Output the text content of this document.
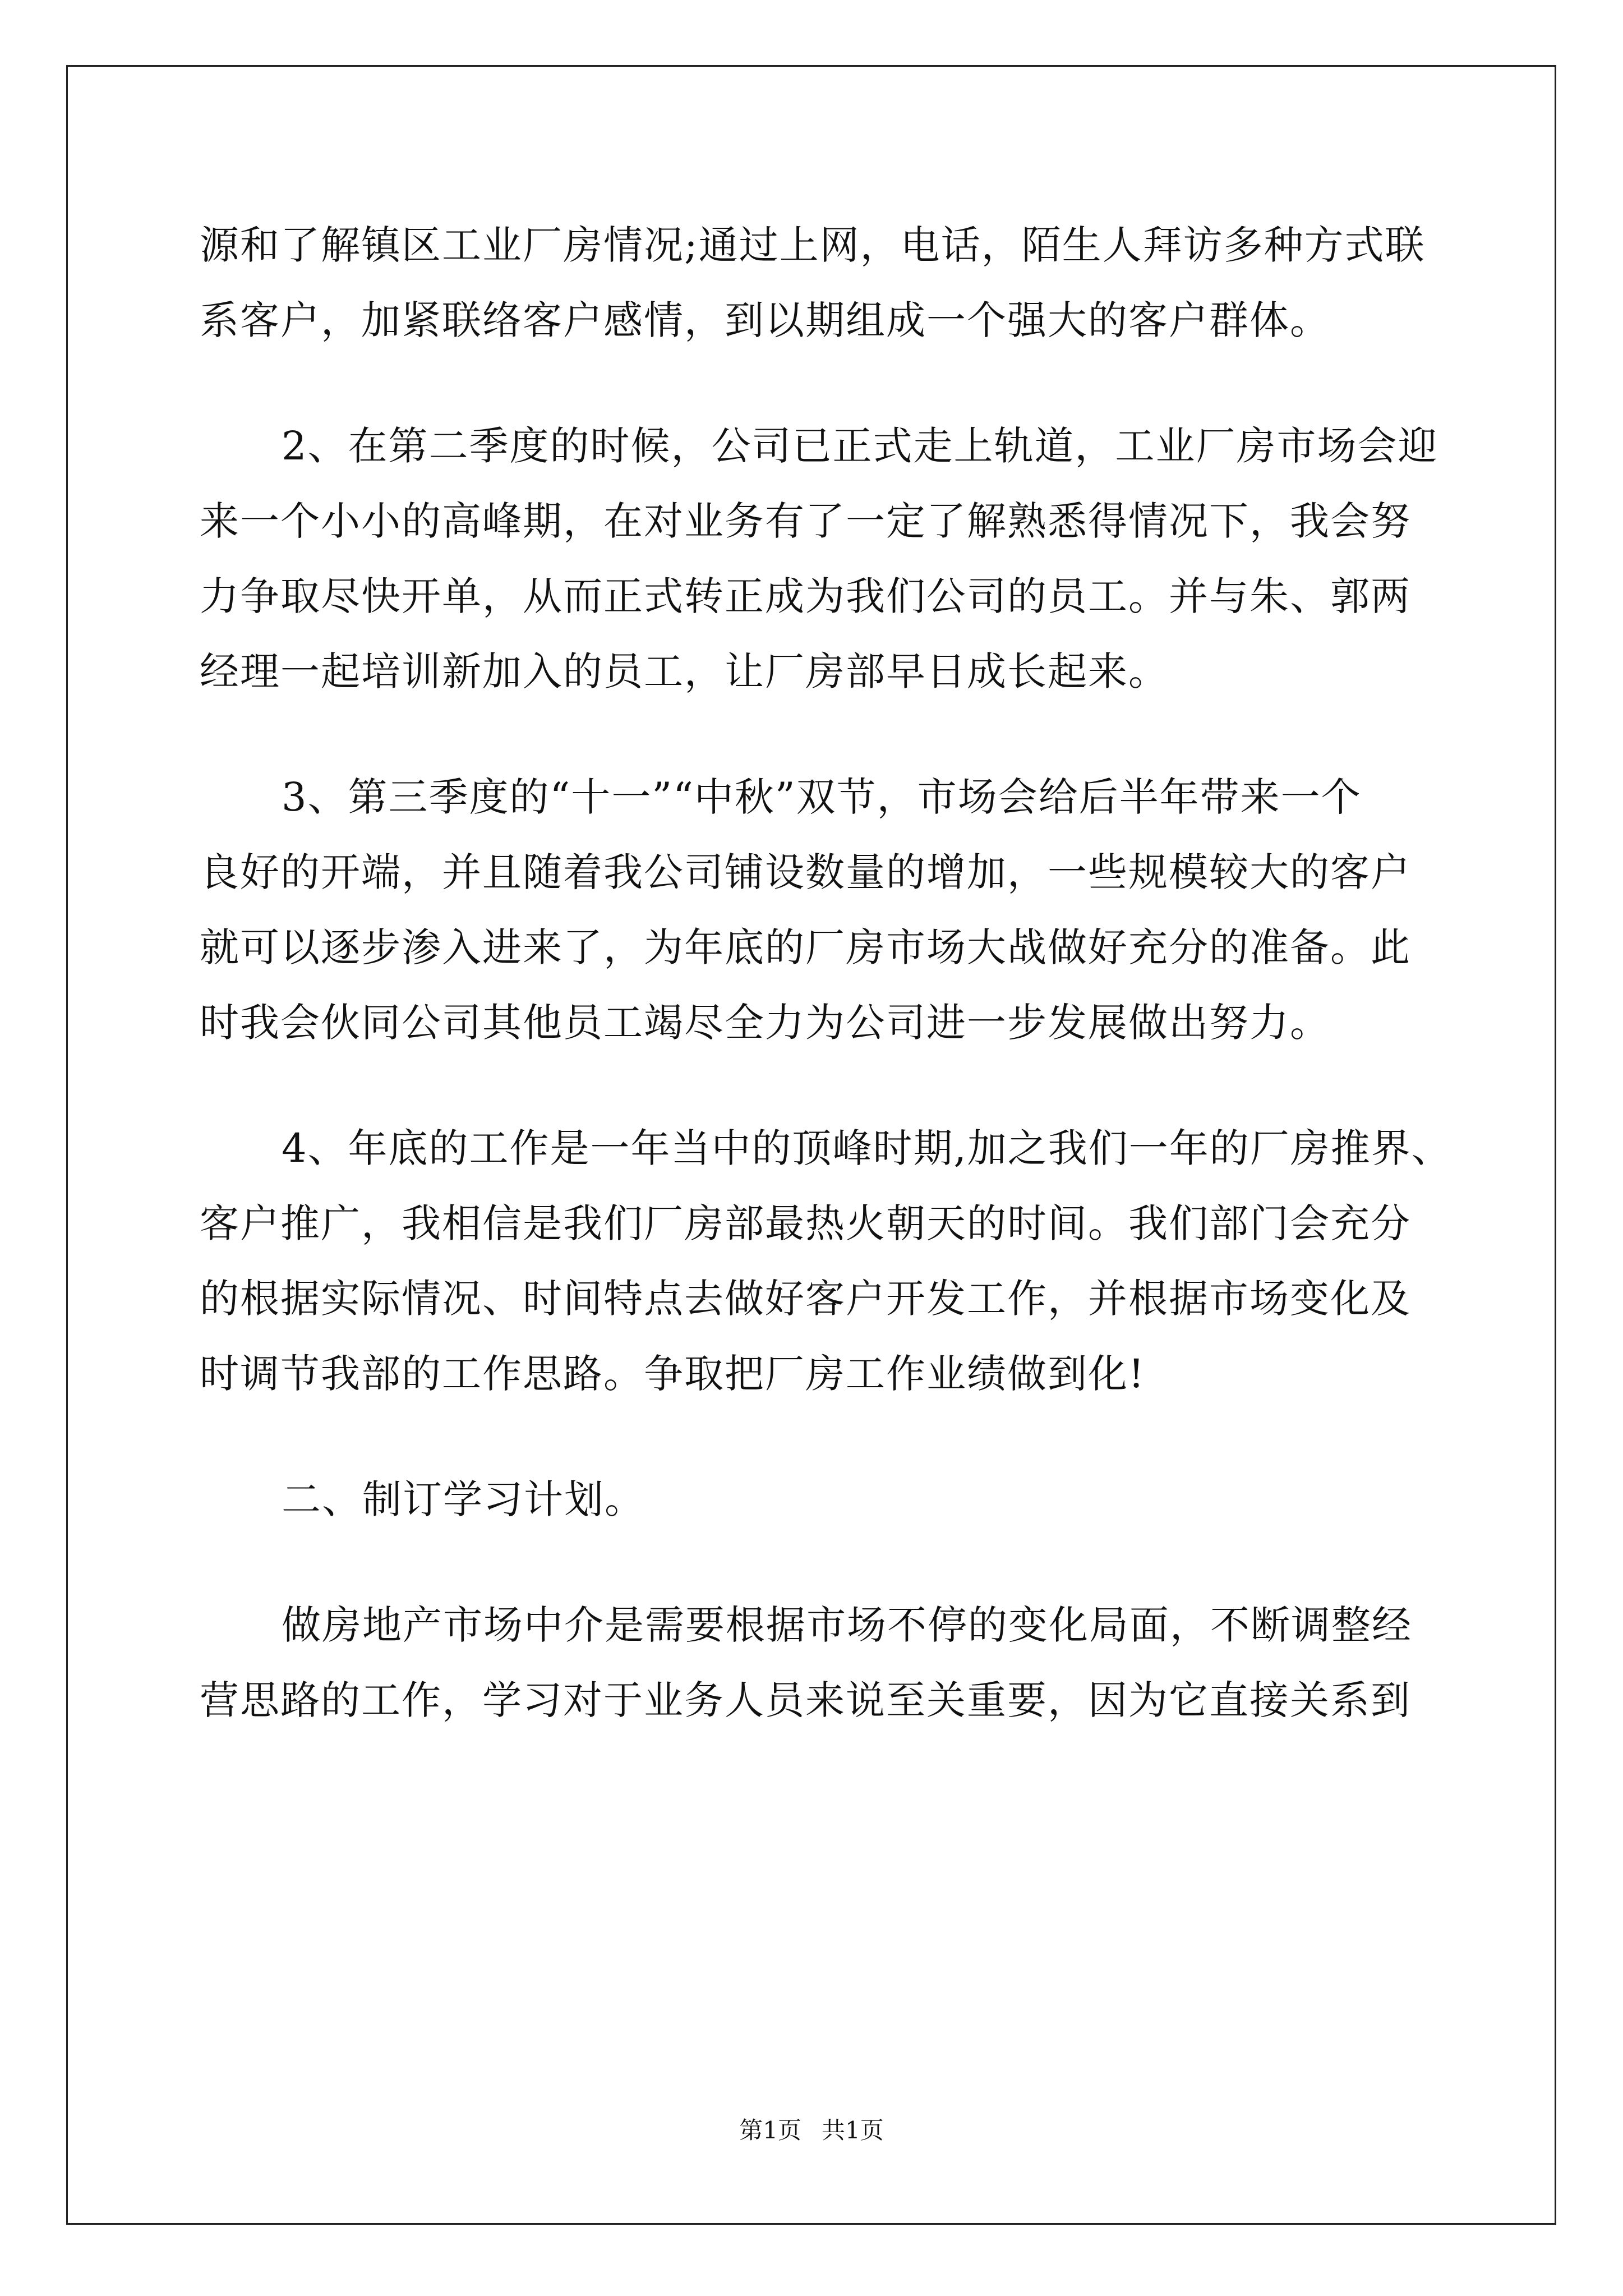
源和了解镇区工业厂房情况;通过上网，电话，陌生人拜访多种方式联
系客户，加紧联络客户感情，到以期组成一个强大的客户群体。
2、在第二季度的时候，公司已正式走上轨道，工业厂房市场会迎
来一个小小的高峰期，在对业务有了一定了解熟悉得情况下，我会努
力争取尽快开单，从而正式转正成为我们公司的员工。并与朱、郭两
经理一起培训新加入的员工，让厂房部早日成长起来。
3、第三季度的“十一”“中秋”双节，市场会给后半年带来一个
良好的开端，并且随着我公司铺设数量的增加，一些规模较大的客户
就可以逐步渗入进来了，为年底的厂房市场大战做好充分的准备。此
时我会伙同公司其他员工竭尽全力为公司进一步发展做出努力。
4、年底的工作是一年当中的顶峰时期,加之我们一年的厂房推界、
客户推广，我相信是我们厂房部最热火朝天的时间。我们部门会充分
的根据实际情况、时间特点去做好客户开发工作，并根据市场变化及
时调节我部的工作思路。争取把厂房工作业绩做到化!
二、制订学习计划。
做房地产市场中介是需要根据市场不停的变化局面，不断调整经
营思路的工作，学习对于业务人员来说至关重要，因为它直接关系到
第1页 共1页
